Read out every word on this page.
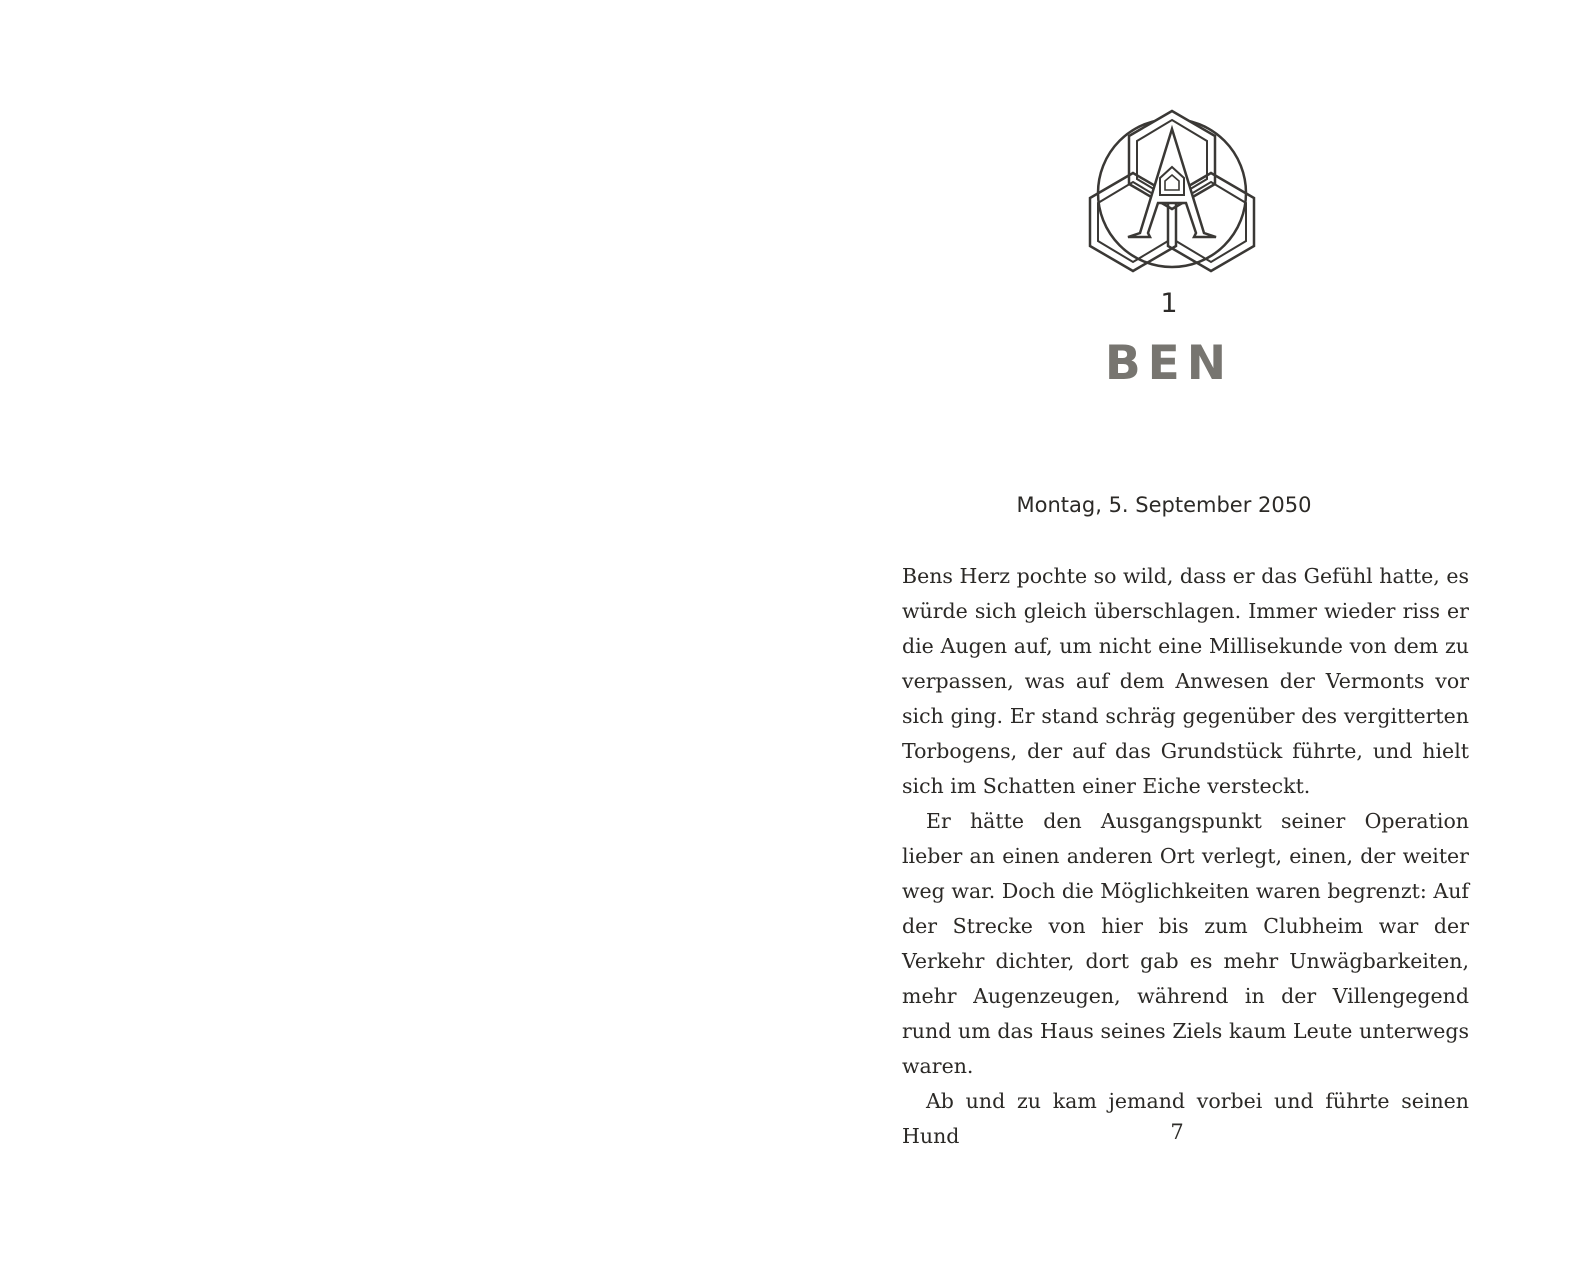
1
BEN
Montag, 5. September 2050

Bens Herz pochte so wild, dass er das Gefühl hatte, es würde sich gleich überschlagen. Immer wieder riss er die Augen auf, um nicht eine Millisekunde von dem zu verpassen, was auf dem Anwesen der Vermonts vor sich ging. Er stand schräg gegenüber des vergitterten Torbogens, der auf das Grundstück führte, und hielt sich im Schatten einer Eiche versteckt.

Er hätte den Ausgangspunkt seiner Operation lieber an einen anderen Ort verlegt, einen, der weiter weg war. Doch die Möglichkeiten waren begrenzt: Auf der Strecke von hier bis zum Clubheim war der Verkehr dichter, dort gab es mehr Unwägbarkeiten, mehr Augenzeugen, während in der Villengegend rund um das Haus seines Ziels kaum Leute unterwegs waren.

Ab und zu kam jemand vorbei und führte seinen Hund	7
